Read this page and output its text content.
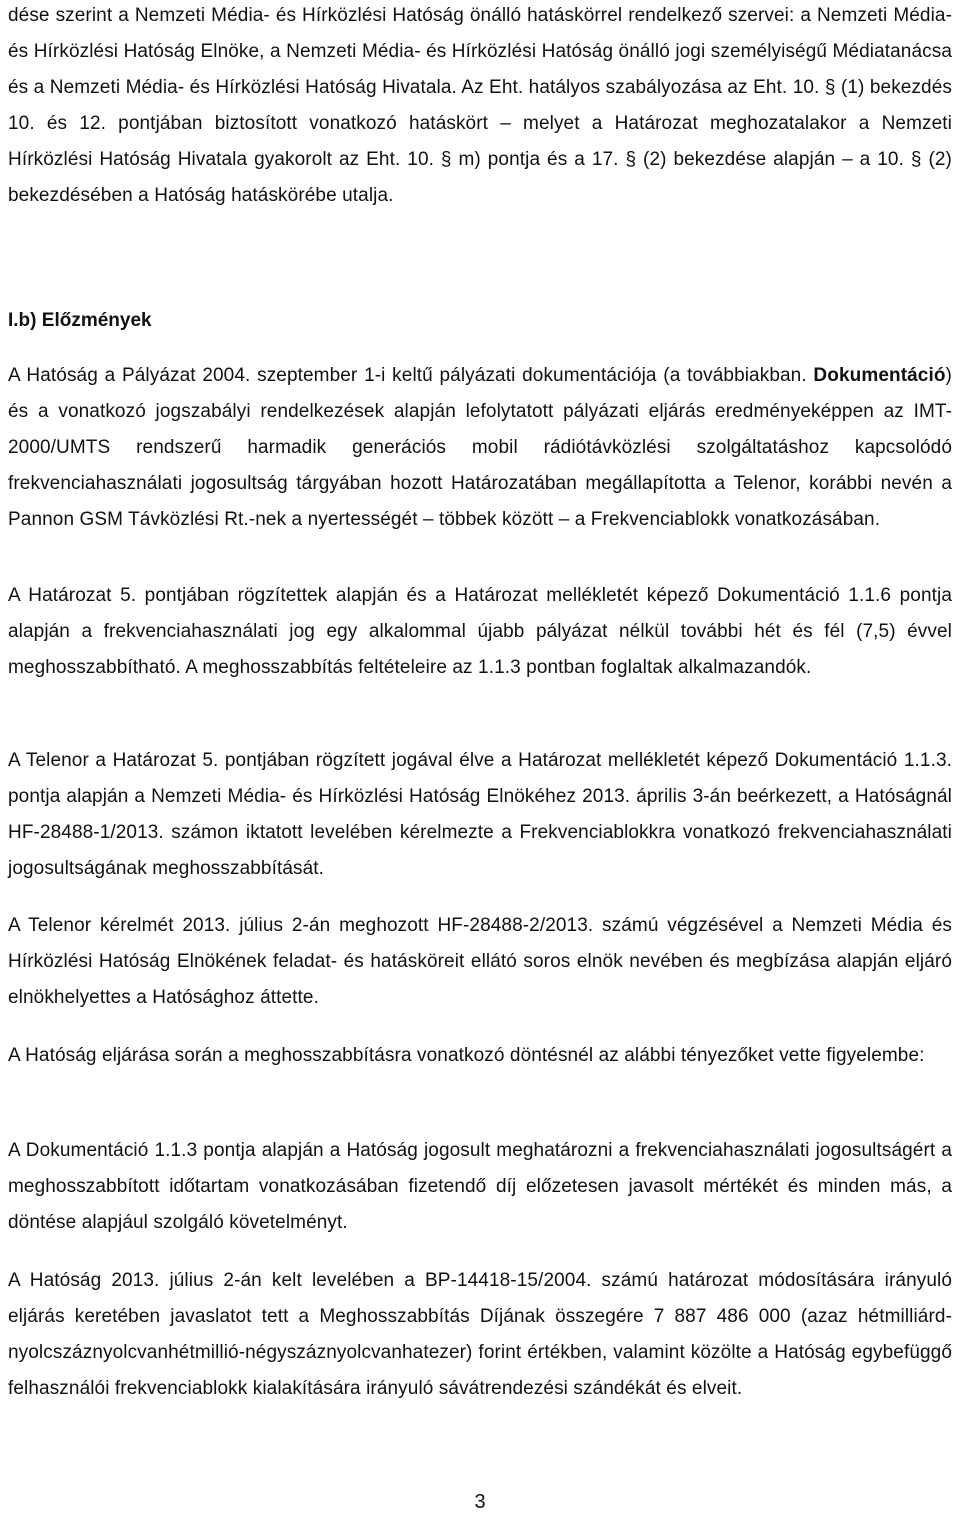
dése szerint a Nemzeti Média- és Hírközlési Hatóság önálló hatáskörrel rendelkező szervei: a Nemzeti Média- és Hírközlési Hatóság Elnöke, a Nemzeti Média- és Hírközlési Hatóság önálló jogi személyiségű Médiatanácsa és a Nemzeti Média- és Hírközlési Hatóság Hivatala. Az Eht. hatályos szabályozása az Eht. 10. § (1) bekezdés 10. és 12. pontjában biztosított vonatkozó hatáskört – melyet a Határozat meghozatalakor a Nemzeti Hírközlési Hatóság Hivatala gyakorolt az Eht. 10. § m) pontja és a 17. § (2) bekezdése alapján – a 10. § (2) bekezdésében a Hatóság hatáskörébe utalja.

I.b) Előzmények

A Hatóság a Pályázat 2004. szeptember 1-i keltű pályázati dokumentációja (a továbbiakban. Dokumentáció) és a vonatkozó jogszabályi rendelkezések alapján lefolytatott pályázati eljárás eredményeképpen az IMT-2000/UMTS rendszerű harmadik generációs mobil rádiótávközlési szolgáltatáshoz kapcsolódó frekvenciahasználati jogosultság tárgyában hozott Határozatában megállapította a Telenor, korábbi nevén a Pannon GSM Távközlési Rt.-nek a nyertességét – többek között – a Frekvenciablokk vonatkozásában.

A Határozat 5. pontjában rögzítettek alapján és a Határozat mellékletét képező Dokumentáció 1.1.6 pontja alapján a frekvenciahasználati jog egy alkalommal újabb pályázat nélkül további hét és fél (7,5) évvel meghosszabbítható. A meghosszabbítás feltételeire az 1.1.3 pontban foglaltak alkalmazandók.

A Telenor a Határozat 5. pontjában rögzített jogával élve a Határozat mellékletét képező Dokumentáció 1.1.3. pontja alapján a Nemzeti Média- és Hírközlési Hatóság Elnökéhez 2013. április 3-án beérkezett, a Hatóságnál HF-28488-1/2013. számon iktatott levelében kérelmezte a Frekvenciablokkra vonatkozó frekvenciahasználati jogosultságának meghosszabbítását.

A Telenor kérelmét 2013. július 2-án meghozott HF-28488-2/2013. számú végzésével a Nemzeti Média és Hírközlési Hatóság Elnökének feladat- és hatásköreit ellátó soros elnök nevében és megbízása alapján eljáró elnökhelyettes a Hatósághoz áttette.

A Hatóság eljárása során a meghosszabbításra vonatkozó döntésnél az alábbi tényezőket vette figyelembe:

A Dokumentáció 1.1.3 pontja alapján a Hatóság jogosult meghatározni a frekvenciahasználati jogosultságért a meghosszabbított időtartam vonatkozásában fizetendő díj előzetesen javasolt mértékét és minden más, a döntése alapjául szolgáló követelményt.

A Hatóság 2013. július 2-án kelt levelében a BP-14418-15/2004. számú határozat módosítására irányuló eljárás keretében javaslatot tett a Meghosszabbítás Díjának összegére 7 887 486 000 (azaz hétmilliárd-nyolcszáznyolcvanhétmillió-négyszáznyolcvanhatezer) forint értékben, valamint közölte a Hatóság egybefüggő felhasználói frekvenciablokk kialakítására irányuló sávátrendezési szándékát és elveit.

3
